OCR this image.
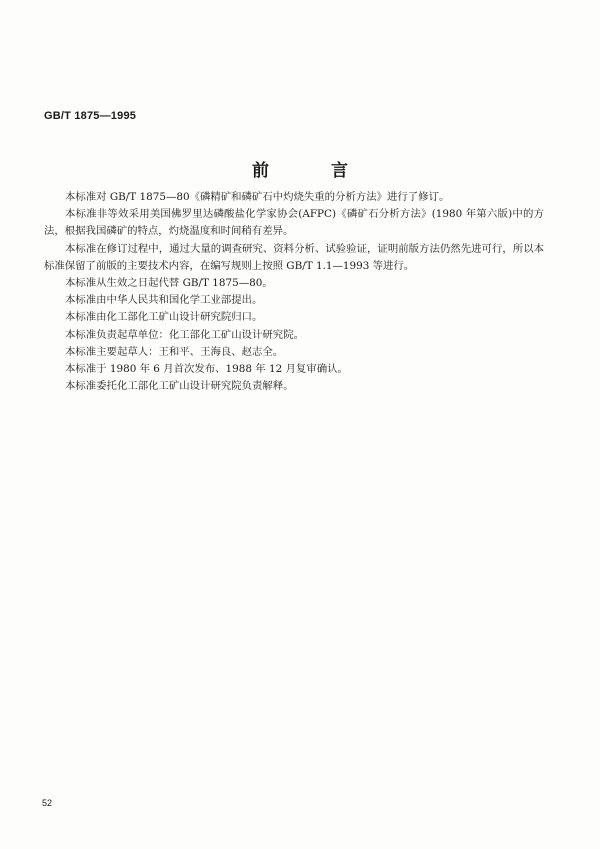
GB/T 1875—1995
前 言

本标准对 GB/T 1875—80《磷精矿和磷矿石中灼烧失重的分析方法》进行了修订。

本标准非等效采用美国佛罗里达磷酸盐化学家协会(AFPC)《磷矿石分析方法》(1980 年第六版)中的方法，根据我国磷矿的特点，灼烧温度和时间稍有差异。

本标准在修订过程中，通过大量的调查研究、资料分析、试验验证，证明前版方法仍然先进可行，所以本标准保留了前版的主要技术内容，在编写规则上按照 GB/T 1.1—1993 等进行。

本标准从生效之日起代替 GB/T 1875—80。

本标准由中华人民共和国化学工业部提出。

本标准由化工部化工矿山设计研究院归口。

本标准负责起草单位：化工部化工矿山设计研究院。

本标准主要起草人：王和平、王海良、赵志全。

本标准于 1980 年 6 月首次发布、1988 年 12 月复审确认。

本标准委托化工部化工矿山设计研究院负责解释。

52
